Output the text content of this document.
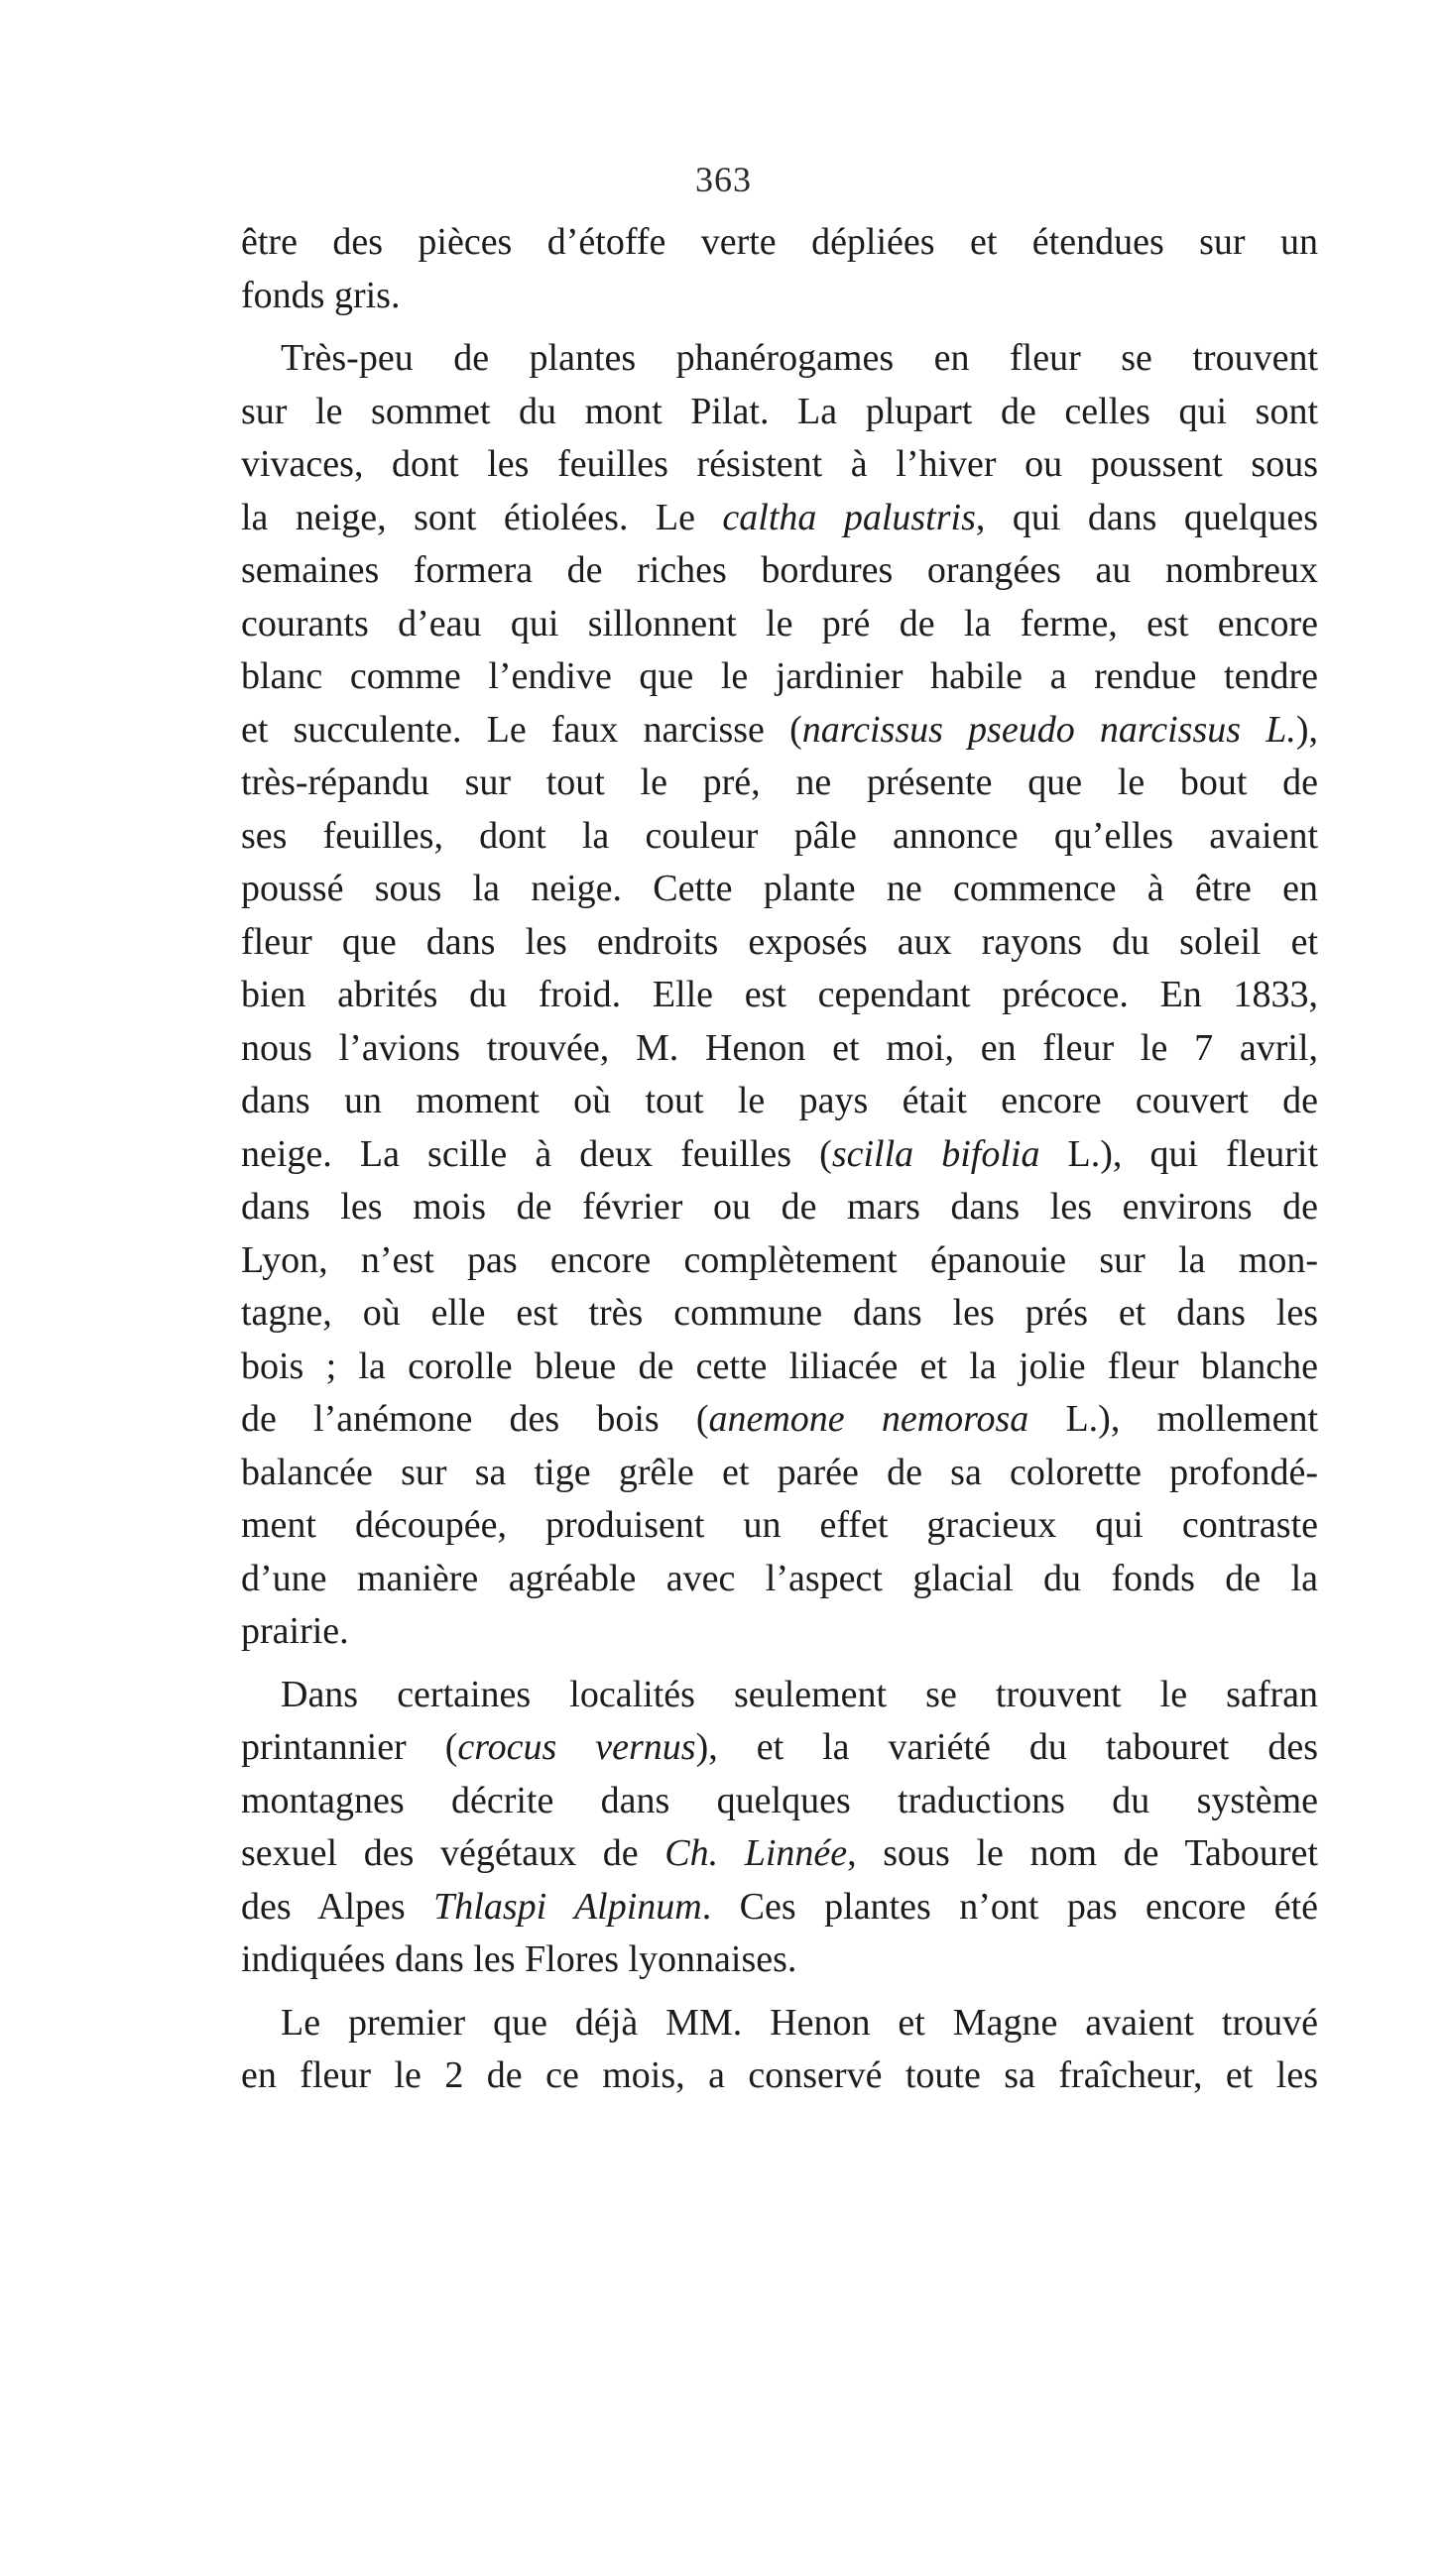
363
être des pièces d’étoffe verte dépliées et étendues sur un
fonds gris.
Très-peu de plantes phanérogames en fleur se trouvent
sur le sommet du mont Pilat. La plupart de celles qui sont
vivaces, dont les feuilles résistent à l’hiver ou poussent sous
la neige, sont étiolées. Le caltha palustris, qui dans quelques
semaines formera de riches bordures orangées au nombreux
courants d’eau qui sillonnent le pré de la ferme, est encore
blanc comme l’endive que le jardinier habile a rendue tendre
et succulente. Le faux narcisse (narcissus pseudo narcissus L.),
très-répandu sur tout le pré, ne présente que le bout de
ses feuilles, dont la couleur pâle annonce qu’elles avaient
poussé sous la neige. Cette plante ne commence à être en
fleur que dans les endroits exposés aux rayons du soleil et
bien abrités du froid. Elle est cependant précoce. En 1833,
nous l’avions trouvée, M. Henon et moi, en fleur le 7 avril,
dans un moment où tout le pays était encore couvert de
neige. La scille à deux feuilles (scilla bifolia L.), qui fleurit
dans les mois de février ou de mars dans les environs de
Lyon, n’est pas encore complètement épanouie sur la mon-
tagne, où elle est très commune dans les prés et dans les
bois ; la corolle bleue de cette liliacée et la jolie fleur blanche
de l’anémone des bois (anemone nemorosa L.), mollement
balancée sur sa tige grêle et parée de sa colorette profondé-
ment découpée, produisent un effet gracieux qui contraste
d’une manière agréable avec l’aspect glacial du fonds de la
prairie.
Dans certaines localités seulement se trouvent le safran
printannier (crocus vernus), et la variété du tabouret des
montagnes décrite dans quelques traductions du système
sexuel des végétaux de Ch. Linnée, sous le nom de Tabouret
des Alpes Thlaspi Alpinum. Ces plantes n’ont pas encore été
indiquées dans les Flores lyonnaises.
Le premier que déjà MM. Henon et Magne avaient trouvé
en fleur le 2 de ce mois, a conservé toute sa fraîcheur, et les
